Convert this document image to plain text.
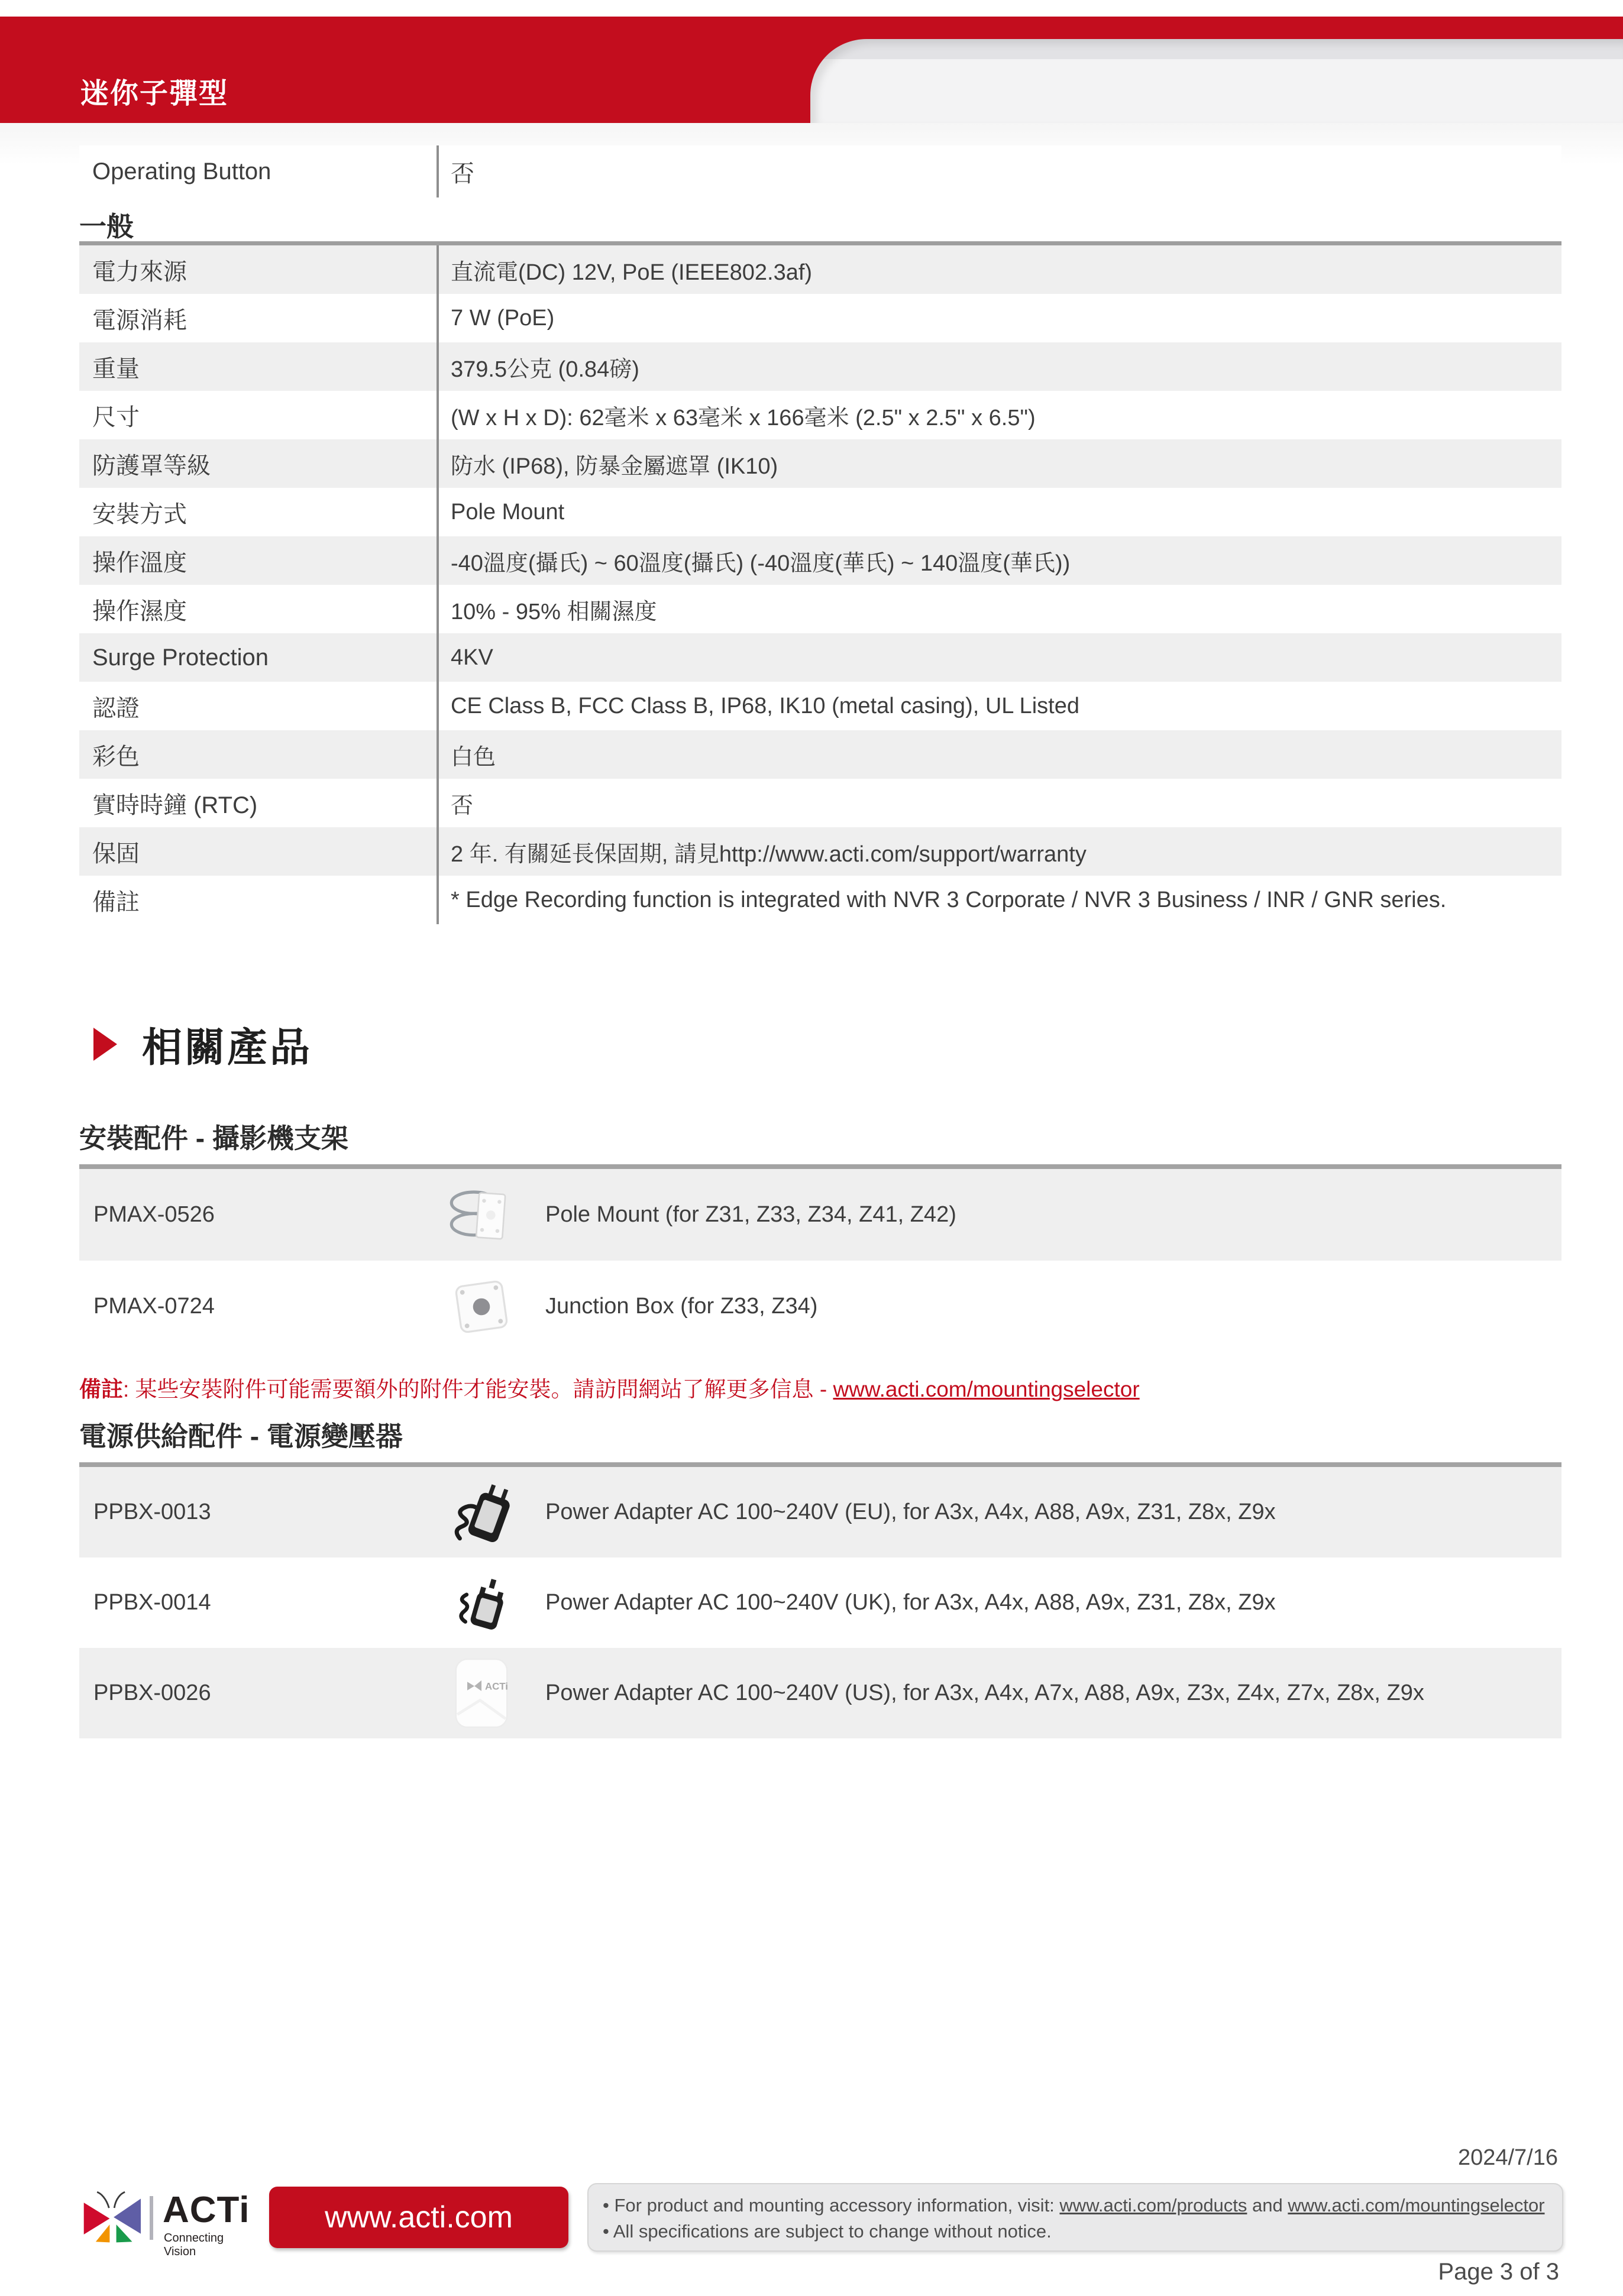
迷你子彈型
Operating Button	否
一般
電力來源	直流電(DC) 12V, PoE (IEEE802.3af)
電源消耗	7 W (PoE)
重量	379.5公克 (0.84磅)
尺寸	(W x H x D): 62毫米 x 63毫米 x 166毫米 (2.5" x 2.5" x 6.5")
防護罩等級	防水 (IP68), 防暴金屬遮罩 (IK10)
安裝方式	Pole Mount
操作溫度	-40溫度(攝氏) ~ 60溫度(攝氏) (-40溫度(華氏) ~ 140溫度(華氏))
操作濕度	10% - 95% 相關濕度
Surge Protection	4KV
認證	CE Class B, FCC Class B, IP68, IK10 (metal casing), UL Listed
彩色	白色
實時時鐘 (RTC)	否
保固	2 年. 有關延長保固期, 請見http://www.acti.com/support/warranty
備註	* Edge Recording function is integrated with NVR 3 Corporate / NVR 3 Business / INR / GNR series.
相關產品
安裝配件 - 攝影機支架
PMAX-0526	Pole Mount (for Z31, Z33, Z34, Z41, Z42)
PMAX-0724	Junction Box (for Z33, Z34)
備註: 某些安裝附件可能需要額外的附件才能安裝。請訪問網站了解更多信息 - www.acti.com/mountingselector
電源供給配件 - 電源變壓器
PPBX-0013	Power Adapter AC 100~240V (EU), for A3x, A4x, A88, A9x, Z31, Z8x, Z9x
PPBX-0014	Power Adapter AC 100~240V (UK), for A3x, A4x, A88, A9x, Z31, Z8x, Z9x
PPBX-0026	ACTi	Power Adapter AC 100~240V (US), for A3x, A4x, A7x, A88, A9x, Z3x, Z4x, Z7x, Z8x, Z9x
2024/7/16
ACTi
Connecting Vision
www.acti.com	• For product and mounting accessory information, visit: www.acti.com/products and www.acti.com/mountingselector
• All specifications are subject to change without notice.
Page 3 of 3
